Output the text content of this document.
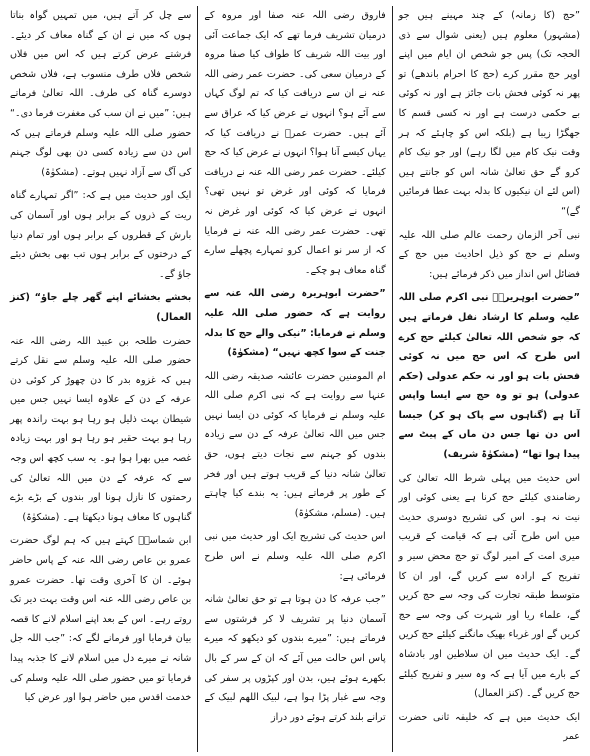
”حج (کا زمانہ) کے چند مہینے ہیں جو (مشہور) معلوم ہیں (یعنی شوال سے ذی الحجہ تک) پس جو شخص ان ایام میں اپنے اوپر حج مقرر کرے (حج کا احرام باندھے) تو پھر نہ کوئی فحش بات جائز ہے اور نہ کوئی بے حکمی درست ہے اور نہ کسی قسم کا جھگڑا زیبا ہے (بلکہ اس کو چاہئے کہ ہر وقت نیک کام میں لگا رہے) اور جو نیک کام کرو گے حق تعالیٰ شانہ اس کو جانتے ہیں (اس لئے ان نیکیوں کا بدلہ بہت عطا فرمائیں گے)“

نبی آخر الزمان رحمت عالم صلی اللہ علیہ وسلم نے حج کو ذیل احادیث میں حج کے فضائل اس انداز میں ذکر فرمائے ہیں:

”حضرت ابوہریرہؓ نبی اکرم صلی اللہ علیہ وسلم کا ارشاد نقل فرماتے ہیں کہ جو شخص اللہ تعالیٰ کیلئے حج کرے اس طرح کہ اس حج میں نہ کوئی فحش بات ہو اور نہ حکم عدولی (حکم عدولی) ہو تو وہ حج سے ایسا واپس آتا ہے (گناہوں سے پاک ہو کر) جیسا اس دن تھا جس دن ماں کے پیٹ سے پیدا ہوا تھا“ (مشکوٰۃ شریف)

اس حدیث میں پہلی شرط اللہ تعالیٰ کی رضامندی کیلئے حج کرنا ہے یعنی کوئی اور نیت نہ ہو۔ اس کی تشریح دوسری حدیث میں اس طرح آئی ہے کہ قیامت کے قریب میری امت کے امیر لوگ تو حج محض سیر و تفریح کے ارادہ سے کریں گے، اور ان کا متوسط طبقہ تجارت کی وجہ سے حج کریں گے، علماء ریا اور شہرت کی وجہ سے حج کریں گے اور غرباء بھیک مانگنے کیلئے حج کریں گے۔ ایک حدیث میں ان سلاطین اور بادشاہ کے بارے میں آیا ہے کہ وہ سیر و تفریح کیلئے حج کریں گے۔ (کنز العمال)

ایک حدیث میں ہے کہ خلیفہ ثانی حضرت عمر

فاروق رضی اللہ عنہ صفا اور مروہ کے درمیان تشریف فرما تھے کہ ایک جماعت آئی اور بیت اللہ شریف کا طواف کیا صفا مروہ کے درمیان سعی کی۔ حضرت عمر رضی اللہ عنہ نے ان سے دریافت کیا کہ تم لوگ کہاں سے آئے ہو؟ انہوں نے عرض کیا کہ عراق سے آئے ہیں۔ حضرت عمرؓ نے دریافت کیا کہ یہاں کیسے آنا ہوا؟ انہوں نے عرض کیا کہ حج کیلئے۔ حضرت عمر رضی اللہ عنہ نے دریافت فرمایا کہ کوئی اور غرض تو نہیں تھی؟ انہوں نے عرض کیا کہ کوئی اور غرض نہ تھی۔ حضرت عمر رضی اللہ عنہ نے فرمایا کہ از سر نو اعمال کرو تمہارے پچھلے سارے گناہ معاف ہو چکے۔

”حضرت ابوہریرہ رضی اللہ عنہ سے روایت ہے کہ حضور صلی اللہ علیہ وسلم نے فرمایا: ”نیکی والے حج کا بدلہ جنت کے سوا کچھ نہیں“ (مشکوٰۃ)

ام المومنین حضرت عائشہ صدیقہ رضی اللہ عنہا سے روایت ہے کہ نبی اکرم صلی اللہ علیہ وسلم نے فرمایا کہ کوئی دن ایسا نہیں جس میں اللہ تعالیٰ عرفہ کے دن سے زیادہ بندوں کو جہنم سے نجات دیتے ہوں، حق تعالیٰ شانہ دنیا کے قریب ہوتے ہیں اور فخر کے طور پر فرماتے ہیں: یہ بندے کیا چاہتے ہیں۔ (مسلم، مشکوٰۃ)

اس حدیث کی تشریح ایک اور حدیث میں نبی اکرم صلی اللہ علیہ وسلم نے اس طرح فرمائی ہے:

”جب عرفہ کا دن ہوتا ہے تو حق تعالیٰ شانہ آسمان دنیا پر تشریف لا کر فرشتوں سے فرماتے ہیں: ”میرے بندوں کو دیکھو کہ میرے پاس اس حالت میں آئے کہ ان کے سر کے بال بکھرے ہوئے ہیں، بدن اور کپڑوں پر سفر کی وجہ سے غبار پڑا ہوا ہے، لبیک اللھم لبیک کے ترانے بلند کرتے ہوئے دور دراز

سے چل کر آتے ہیں، میں تمہیں گواہ بناتا ہوں کہ میں نے ان کے گناہ معاف کر دیئے۔ فرشتے عرض کرتے ہیں کہ اس میں فلاں شخص فلاں طرف منسوب ہے، فلاں شخص دوسرے گناہ کی طرف۔ اللہ تعالیٰ فرماتے ہیں: ”میں نے ان سب کی مغفرت فرما دی۔“ حضور صلی اللہ علیہ وسلم فرماتے ہیں کہ اس دن سے زیادہ کسی دن بھی لوگ جہنم کی آگ سے آزاد نہیں ہوتے۔ (مشکوٰۃ)

ایک اور حدیث میں ہے کہ: ”اگر تمہارے گناہ ریت کے ذروں کے برابر ہوں اور آسمان کی بارش کے قطروں کے برابر ہوں اور تمام دنیا کے درختوں کے برابر ہوں تب بھی بخش دیئے جاؤ گے۔

بخشے بخشائے اپنے گھر چلے جاؤ“ (کنز العمال)

حضرت طلحہ بن عبید اللہ رضی اللہ عنہ حضور صلی اللہ علیہ وسلم سے نقل کرتے ہیں کہ غزوہ بدر کا دن چھوڑ کر کوئی دن عرفہ کے دن کے علاوہ ایسا نہیں جس میں شیطان بہت ذلیل ہو رہا ہو بہت راندہ پھر رہا ہو بہت حقیر ہو رہا ہو اور بہت زیادہ غصہ میں بھرا ہوا ہو۔ یہ سب کچھ اس وجہ سے کہ عرفہ کے دن میں اللہ تعالیٰ کی رحمتوں کا نازل ہونا اور بندوں کے بڑے بڑے گناہوں کا معاف ہونا دیکھتا ہے۔ (مشکوٰۃ)

ابن شماسہؒ کہتے ہیں کہ ہم لوگ حضرت عمرو بن عاص رضی اللہ عنہ کے پاس حاضر ہوئے۔ ان کا آخری وقت تھا۔ حضرت عمرو بن عاص رضی اللہ عنہ اس وقت بہت دیر تک روتے رہے۔ اس کے بعد اپنے اسلام لانے کا قصہ بیان فرمایا اور فرمانے لگے کہ: ”جب اللہ جل شانہ نے میرے دل میں اسلام لانے کا جذبہ پیدا فرمایا تو میں حضور صلی اللہ علیہ وسلم کی خدمت اقدس میں حاضر ہوا اور عرض کیا
